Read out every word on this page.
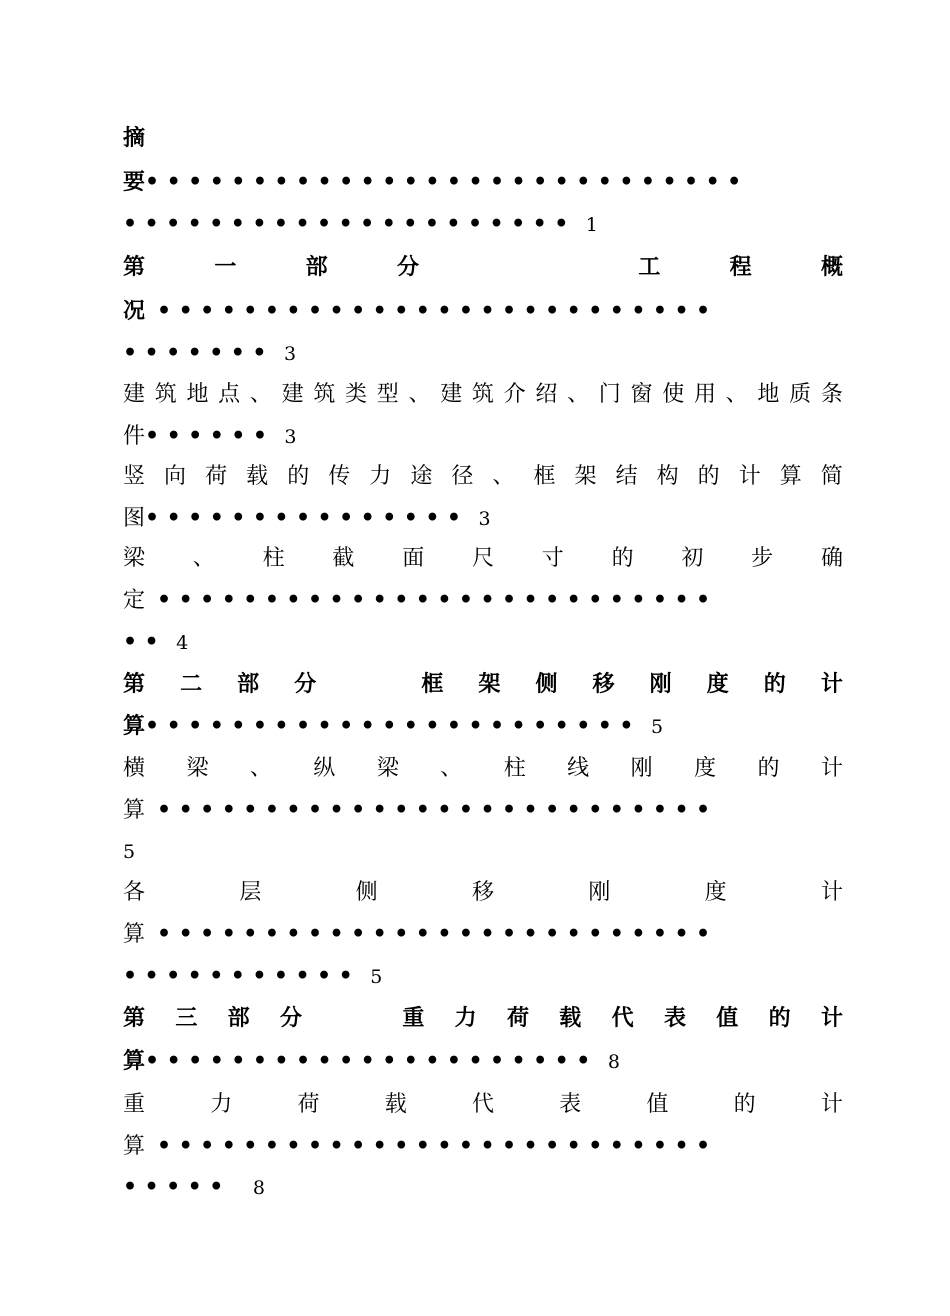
摘
要••••••••••••••••••••••••••••
••••••••••••••••••••• 1
第	一	部	分	工	程	概
况 ••••••••••••••••••••••••••
••••••• 3
建 筑 地 点 、 建 筑 类 型 、 建 筑 介 绍 、 门 窗 使 用 、 地 质 条
件•••••• 3
竖 向 荷 载 的 传 力 途 径 、 框 架 结 构 的 计 算 简
图••••••••••••••• 3
梁 、 柱 截 面 尺 寸 的 初 步 确
定 ••••••••••••••••••••••••••
•• 4
第 二 部 分	框 架 侧 移 刚 度 的 计
算••••••••••••••••••••••• 5
横 梁 、 纵 梁 、 柱 线 刚 度 的 计
算 ••••••••••••••••••••••••••
5
各	层	侧	移	刚	度	计
算 ••••••••••••••••••••••••••
••••••••••• 5
第 三 部 分	重 力 荷 载 代 表 值 的 计
算••••••••••••••••••••• 8
重	力	荷	载	代	表	值	的	计
算 ••••••••••••••••••••••••••
••••• 8
